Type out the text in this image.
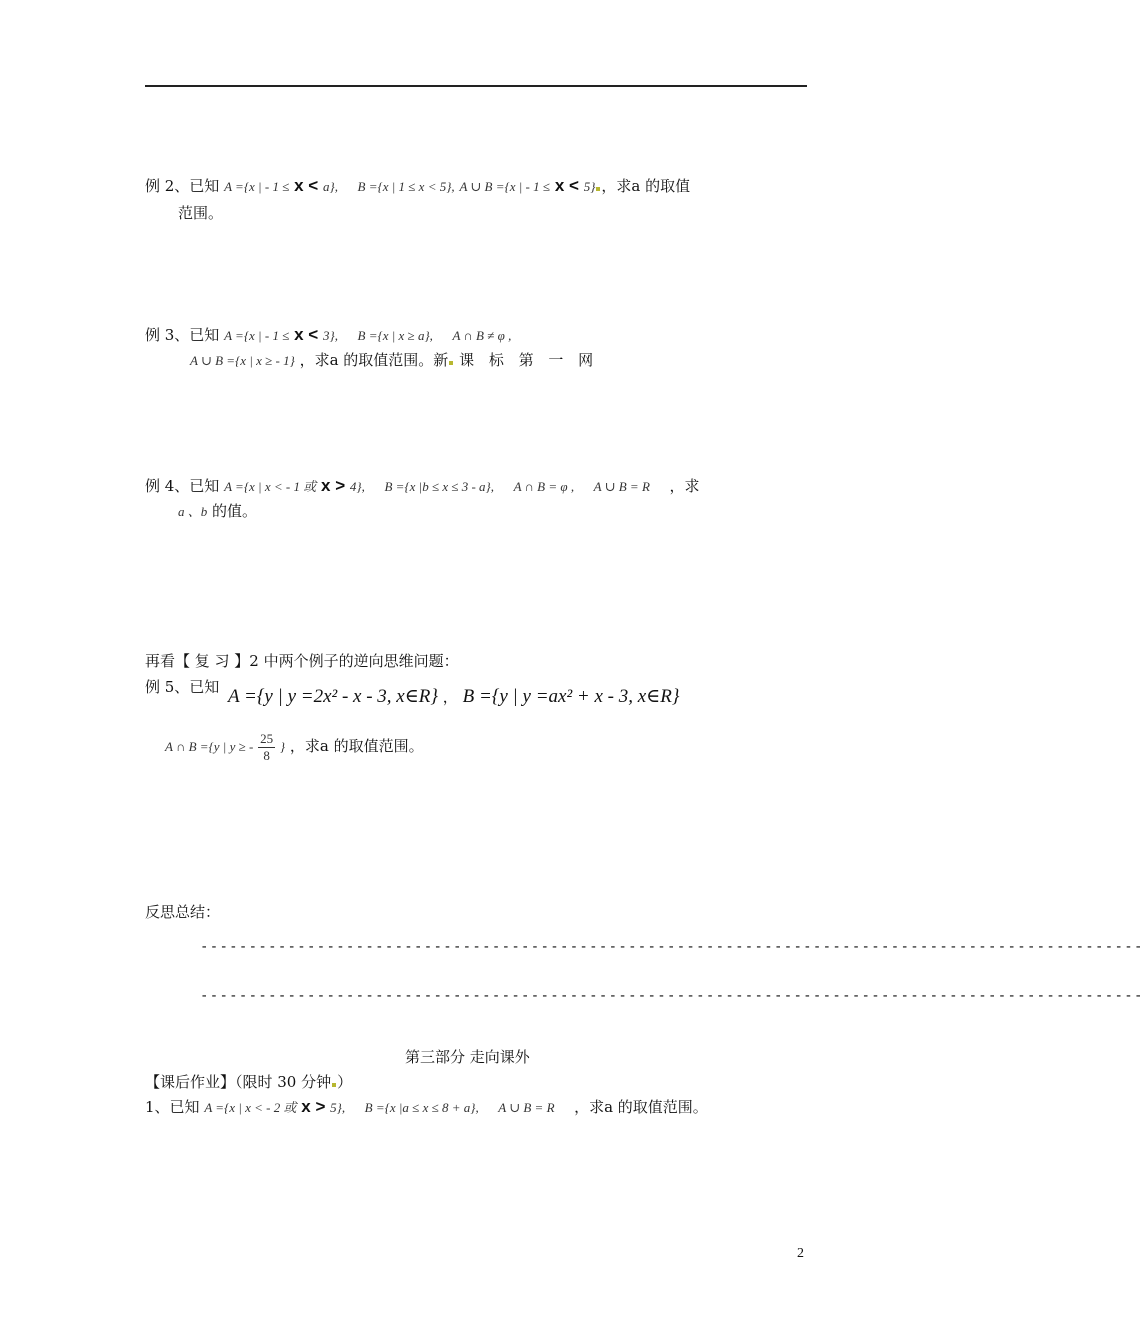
例 2、已知 A ={x | - 1 ≤ x < a}, B ={x | 1 ≤ x < 5}, A ∪ B ={x | - 1 ≤ x < 5} ，求a 的取值
范围。
例 3、已知 A ={x | - 1 ≤ x < 3}, B ={x | x ≥ a}, A ∩ B ≠ φ ,
A ∪ B ={x | x ≥ - 1} ，求a 的取值范围。新 课 标 第 一 网
例 4、已知 A ={x | x < - 1 或 x > 4}, B ={x |b ≤ x ≤ 3 - a}, A ∩ B = φ , A ∪ B = R ，求
a 、b 的值。
再看【 复 习 】2 中两个例子的逆向思维问题：
例 5、已知 A ={y | y =2x² - x - 3, x∈R} ， B ={y | y =ax² + x - 3, x∈R}
A ∩ B ={y | y ≥ - $\frac{25}{8}$ } ，求a 的取值范围。
反思总结：
-------------------------------------------------------------------------------------------------
-------------------------------------------------------------------------------------------------
第三部分 走向课外
【课后作业】（限时 30 分钟 ）
1、已知 A ={x | x < - 2 或 x > 5}, B ={x |a ≤ x ≤ 8 + a}, A ∪ B = R ，求a 的取值范围。
2
